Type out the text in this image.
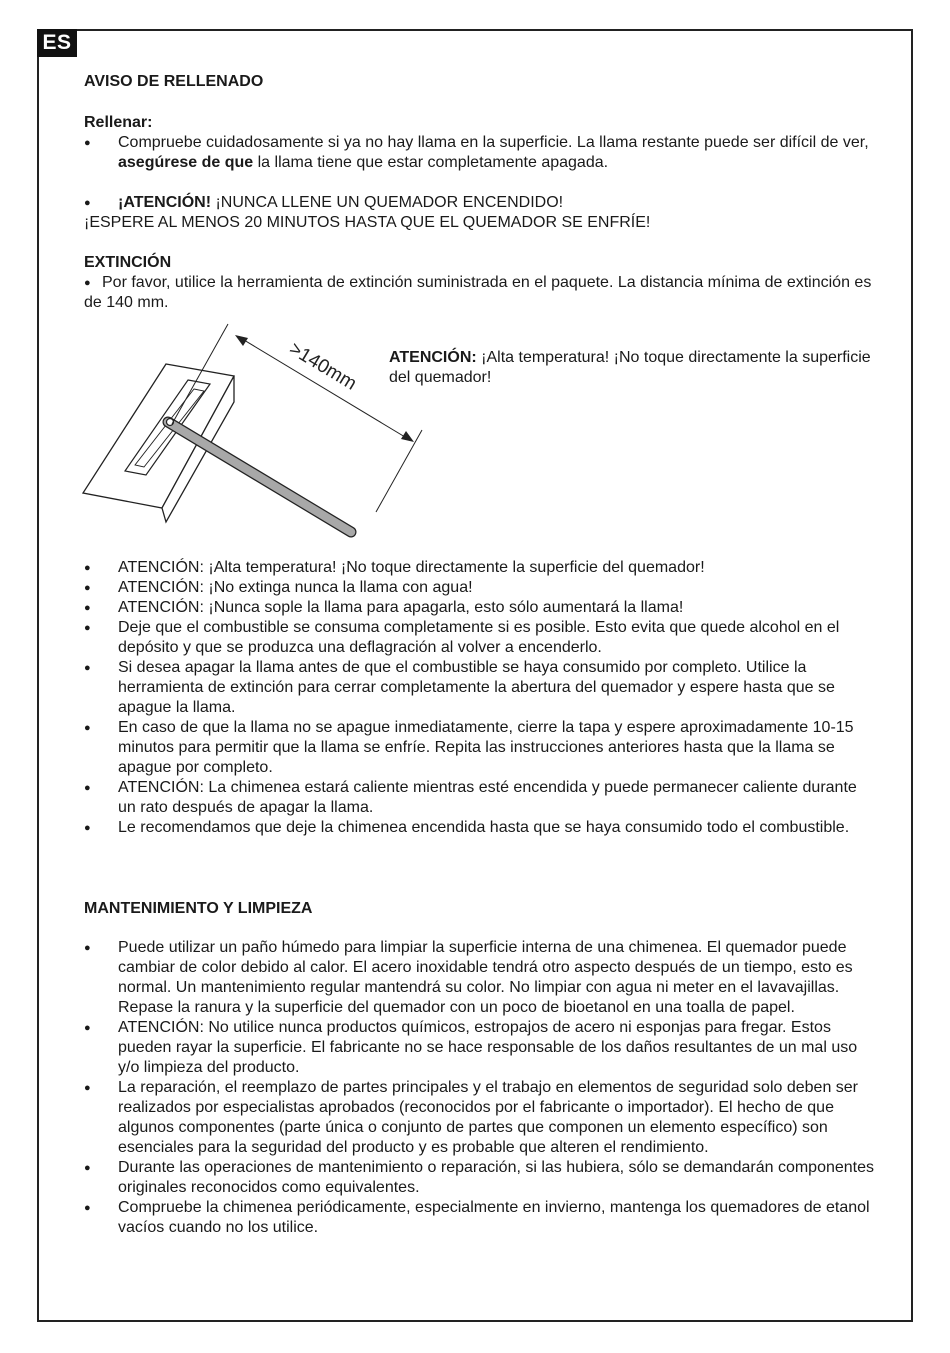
ES
AVISO DE RELLENADO
Rellenar:
● Compruebe cuidadosamente si ya no hay llama en la superficie. La llama restante puede ser difícil de ver, asegúrese de que la llama tiene que estar completamente apagada.
● ¡ATENCIÓN! ¡NUNCA LLENE UN QUEMADOR ENCENDIDO!
¡ESPERE AL MENOS 20 MINUTOS HASTA QUE EL QUEMADOR SE ENFRÍE!
EXTINCIÓN
● Por favor, utilice la herramienta de extinción suministrada en el paquete. La distancia mínima de extinción es de 140 mm.
>140mm ATENCIÓN: ¡Alta temperatura! ¡No toque directamente la superficie del quemador!
● ATENCIÓN: ¡Alta temperatura! ¡No toque directamente la superficie del quemador!
● ATENCIÓN: ¡No extinga nunca la llama con agua!
● ATENCIÓN: ¡Nunca sople la llama para apagarla, esto sólo aumentará la llama!
● Deje que el combustible se consuma completamente si es posible. Esto evita que quede alcohol en el depósito y que se produzca una deflagración al volver a encenderlo.
● Si desea apagar la llama antes de que el combustible se haya consumido por completo. Utilice la herramienta de extinción para cerrar completamente la abertura del quemador y espere hasta que se apague la llama.
● En caso de que la llama no se apague inmediatamente, cierre la tapa y espere aproximadamente 10-15 minutos para permitir que la llama se enfríe. Repita las instrucciones anteriores hasta que la llama se apague por completo.
● ATENCIÓN: La chimenea estará caliente mientras esté encendida y puede permanecer caliente durante un rato después de apagar la llama.
● Le recomendamos que deje la chimenea encendida hasta que se haya consumido todo el combustible.
MANTENIMIENTO Y LIMPIEZA
● Puede utilizar un paño húmedo para limpiar la superficie interna de una chimenea. El quemador puede cambiar de color debido al calor. El acero inoxidable tendrá otro aspecto después de un tiempo, esto es normal. Un mantenimiento regular mantendrá su color. No limpiar con agua ni meter en el lavavajillas. Repase la ranura y la superficie del quemador con un poco de bioetanol en una toalla de papel.
● ATENCIÓN: No utilice nunca productos químicos, estropajos de acero ni esponjas para fregar. Estos pueden rayar la superficie. El fabricante no se hace responsable de los daños resultantes de un mal uso y/o limpieza del producto.
● La reparación, el reemplazo de partes principales y el trabajo en elementos de seguridad solo deben ser realizados por especialistas aprobados (reconocidos por el fabricante o importador). El hecho de que algunos componentes (parte única o conjunto de partes que componen un elemento específico) son esenciales para la seguridad del producto y es probable que alteren el rendimiento.
● Durante las operaciones de mantenimiento o reparación, si las hubiera, sólo se demandarán componentes originales reconocidos como equivalentes.
● Compruebe la chimenea periódicamente, especialmente en invierno, mantenga los quemadores de etanol vacíos cuando no los utilice.
